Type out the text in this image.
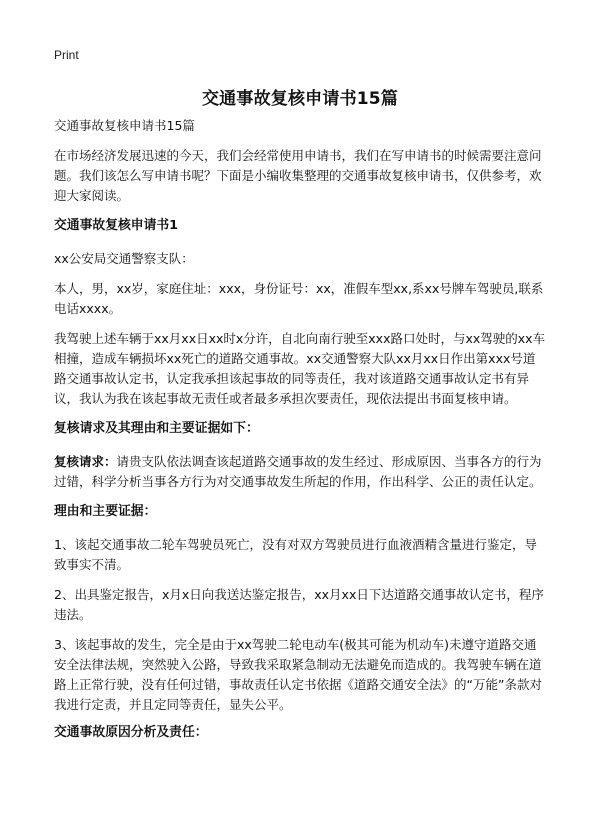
Print
交通事故复核申请书15篇

交通事故复核申请书15篇

在市场经济发展迅速的今天，我们会经常使用申请书，我们在写申请书的时候需要注意问题。我们该怎么写申请书呢？下面是小编收集整理的交通事故复核申请书，仅供参考，欢迎大家阅读。

交通事故复核申请书1

xx公安局交通警察支队：

本人，男，xx岁，家庭住址：xxx，身份证号：xx，准假车型xx,系xx号牌车驾驶员,联系电话xxxx。

我驾驶上述车辆于xx月xx日xx时x分许，自北向南行驶至xxx路口处时，与xx驾驶的xx车相撞，造成车辆损坏xx死亡的道路交通事故。xx交通警察大队xx月xx日作出第xxx号道路交通事故认定书，认定我承担该起事故的同等责任，我对该道路交通事故认定书有异议，我认为我在该起事故无责任或者最多承担次要责任，现依法提出书面复核申请。

复核请求及其理由和主要证据如下：

复核请求：请贵支队依法调查该起道路交通事故的发生经过、形成原因、当事各方的行为过错，科学分析当事各方行为对交通事故发生所起的作用，作出科学、公正的责任认定。

理由和主要证据：

1、该起交通事故二轮车驾驶员死亡，没有对双方驾驶员进行血液酒精含量进行鉴定，导致事实不清。

2、出具鉴定报告，x月x日向我送达鉴定报告，xx月xx日下达道路交通事故认定书，程序违法。

3、该起事故的发生，完全是由于xx驾驶二轮电动车(极其可能为机动车)未遵守道路交通安全法律法规，突然驶入公路，导致我采取紧急制动无法避免而造成的。我驾驶车辆在道路上正常行驶，没有任何过错，事故责任认定书依据《道路交通安全法》的“万能”条款对我进行定责，并且定同等责任，显失公平。

交通事故原因分析及责任：
